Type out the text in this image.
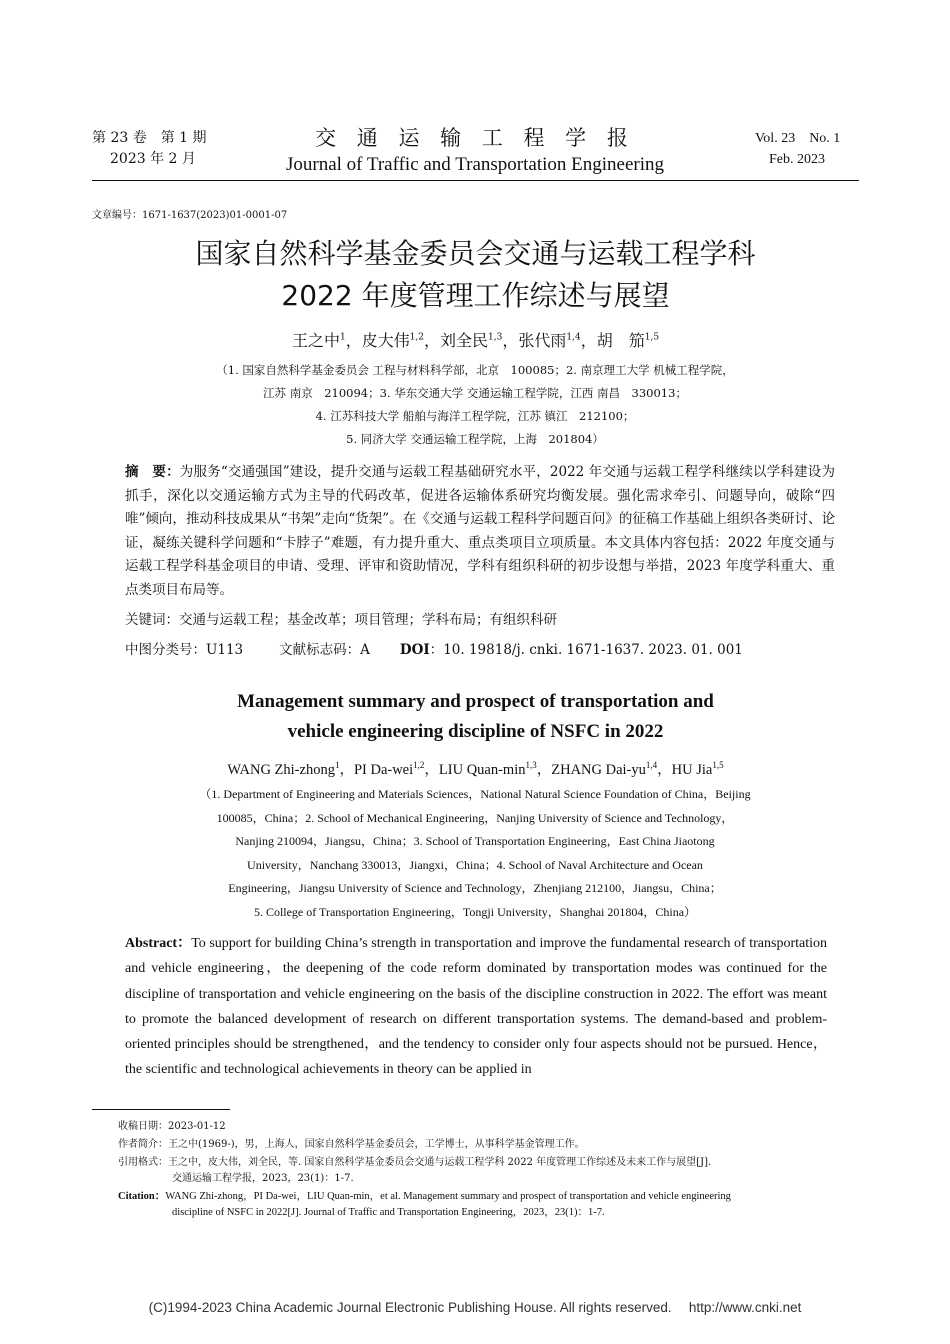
第 23 卷　第 1 期
2023 年 2 月
交 通 运 输 工 程 学 报
Journal of Traffic and Transportation Engineering
Vol. 23　No. 1
Feb. 2023
文章编号：1671-1637(2023)01-0001-07
国家自然科学基金委员会交通与运载工程学科
2022 年度管理工作综述与展望
王之中$^1$，皮大伟$^{1,2}$，刘全民$^{1,3}$，张代雨$^{1,4}$，胡　笳$^{1,5}$
（1. 国家自然科学基金委员会 工程与材料科学部，北京　100085；2. 南京理工大学 机械工程学院，
江苏 南京　210094；3. 华东交通大学 交通运输工程学院，江西 南昌　330013；
4. 江苏科技大学 船舶与海洋工程学院，江苏 镇江　212100；
5. 同济大学 交通运输工程学院，上海　201804）
摘　要：为服务“交通强国”建设，提升交通与运载工程基础研究水平，2022 年交通与运载工程学科继续以学科建设为抓手，深化以交通运输方式为主导的代码改革，促进各运输体系研究均衡发展。强化需求牵引、问题导向，破除“四唯”倾向，推动科技成果从“书架”走向“货架”。在《交通与运载工程科学问题百问》的征稿工作基础上组织各类研讨、论证，凝练关键科学问题和“卡脖子”难题，有力提升重大、重点类项目立项质量。本文具体内容包括：2022 年度交通与运载工程学科基金项目的申请、受理、评审和资助情况，学科有组织科研的初步设想与举措，2023 年度学科重大、重点类项目布局等。
关键词：交通与运载工程；基金改革；项目管理；学科布局；有组织科研
中图分类号：U113	文献标志码：A DOI：10. 19818/j. cnki. 1671-1637. 2023. 01. 001
Management summary and prospect of transportation and
vehicle engineering discipline of NSFC in 2022
WANG Zhi-zhong$^1$，PI Da-wei$^{1,2}$，LIU Quan-$\min^{1,3}$，ZHANG Dai-yu$^{1,4}$，HU Jia$^{1,5}$
（1. Department of Engineering and Materials Sciences，National Natural Science Foundation of China，Beijing
100085，China；2. School of Mechanical Engineering，Nanjing University of Science and Technology，
Nanjing 210094，Jiangsu，China；3. School of Transportation Engineering，East China Jiaotong
University，Nanchang 330013，Jiangxi，China；4. School of Naval Architecture and Ocean
Engineering，Jiangsu University of Science and Technology，Zhenjiang 212100，Jiangsu，China；
5. College of Transportation Engineering，Tongji University，Shanghai 201804，China）
Abstract：To support for building China’s strength in transportation and improve the fundamental research of transportation and vehicle engineering，the deepening of the code reform dominated by transportation modes was continued for the discipline of transportation and vehicle engineering on the basis of the discipline construction in 2022. The effort was meant to promote the balanced development of research on different transportation systems. The demand-based and problem-oriented principles should be strengthened，and the tendency to consider only four aspects should not be pursued. Hence，the scientific and technological achievements in theory can be applied in
收稿日期：2023-01-12
作者简介：王之中(1969-)，男，上海人，国家自然科学基金委员会，工学博士，从事科学基金管理工作。
引用格式：王之中，皮大伟，刘全民，等. 国家自然科学基金委员会交通与运载工程学科 2022 年度管理工作综述及未来工作与展望[J].
交通运输工程学报，2023，23(1)：1-7.
Citation：WANG Zhi-zhong，PI Da-wei，LIU Quan-min，et al. Management summary and prospect of transportation and vehicle engineering
discipline of NSFC in 2022[J]. Journal of Traffic and Transportation Engineering，2023，23(1)：1-7.
(C)1994-2023 China Academic Journal Electronic Publishing House. All rights reserved.　 http://www.cnki.net
